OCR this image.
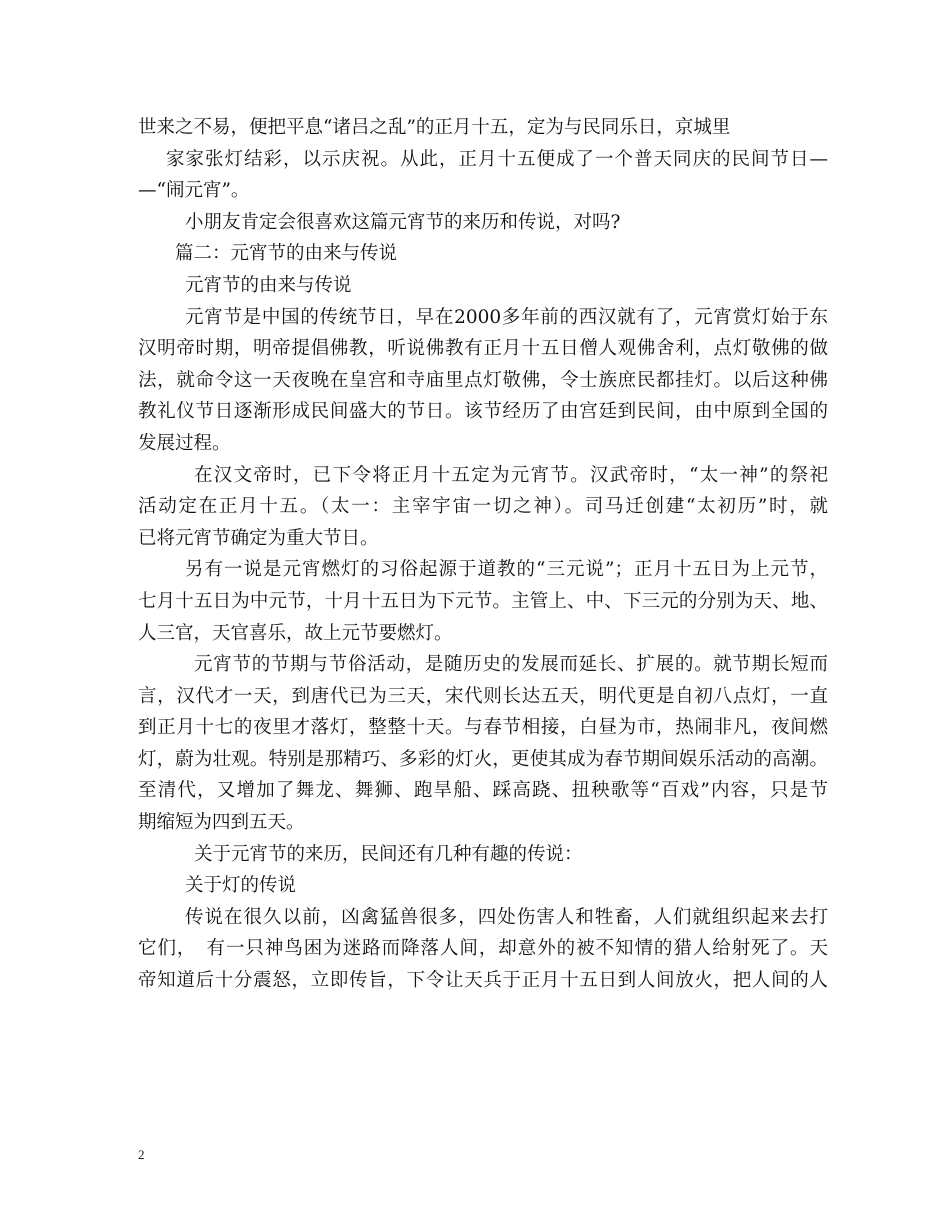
世来之不易，便把平息“诸吕之乱”的正月十五，定为与民同乐日，京城里
家家张灯结彩，以示庆祝。从此，正月十五便成了一个普天同庆的民间节日—
—“闹元宵”。
小朋友肯定会很喜欢这篇元宵节的来历和传说，对吗?
篇二：元宵节的由来与传说
元宵节的由来与传说
元宵节是中国的传统节日，早在2000多年前的西汉就有了，元宵赏灯始于东
汉明帝时期，明帝提倡佛教，听说佛教有正月十五日僧人观佛舍利，点灯敬佛的做
法，就命令这一天夜晚在皇宫和寺庙里点灯敬佛，令士族庶民都挂灯。以后这种佛
教礼仪节日逐渐形成民间盛大的节日。该节经历了由宫廷到民间，由中原到全国的
发展过程。
在汉文帝时，已下令将正月十五定为元宵节。汉武帝时，“太一神”的祭祀
活动定在正月十五。（太一：主宰宇宙一切之神）。司马迁创建“太初历”时，就
已将元宵节确定为重大节日。
另有一说是元宵燃灯的习俗起源于道教的“三元说”；正月十五日为上元节，
七月十五日为中元节，十月十五日为下元节。主管上、中、下三元的分别为天、地、
人三官，天官喜乐，故上元节要燃灯。
元宵节的节期与节俗活动，是随历史的发展而延长、扩展的。就节期长短而
言，汉代才一天，到唐代已为三天，宋代则长达五天，明代更是自初八点灯，一直
到正月十七的夜里才落灯，整整十天。与春节相接，白昼为市，热闹非凡，夜间燃
灯，蔚为壮观。特别是那精巧、多彩的灯火，更使其成为春节期间娱乐活动的高潮。
至清代，又增加了舞龙、舞狮、跑旱船、踩高跷、扭秧歌等“百戏”内容，只是节
期缩短为四到五天。
关于元宵节的来历，民间还有几种有趣的传说：
关于灯的传说
传说在很久以前，凶禽猛兽很多，四处伤害人和牲畜，人们就组织起来去打
它们，　有一只神鸟困为迷路而降落人间，却意外的被不知情的猎人给射死了。天
帝知道后十分震怒，立即传旨，下令让天兵于正月十五日到人间放火，把人间的人
2
